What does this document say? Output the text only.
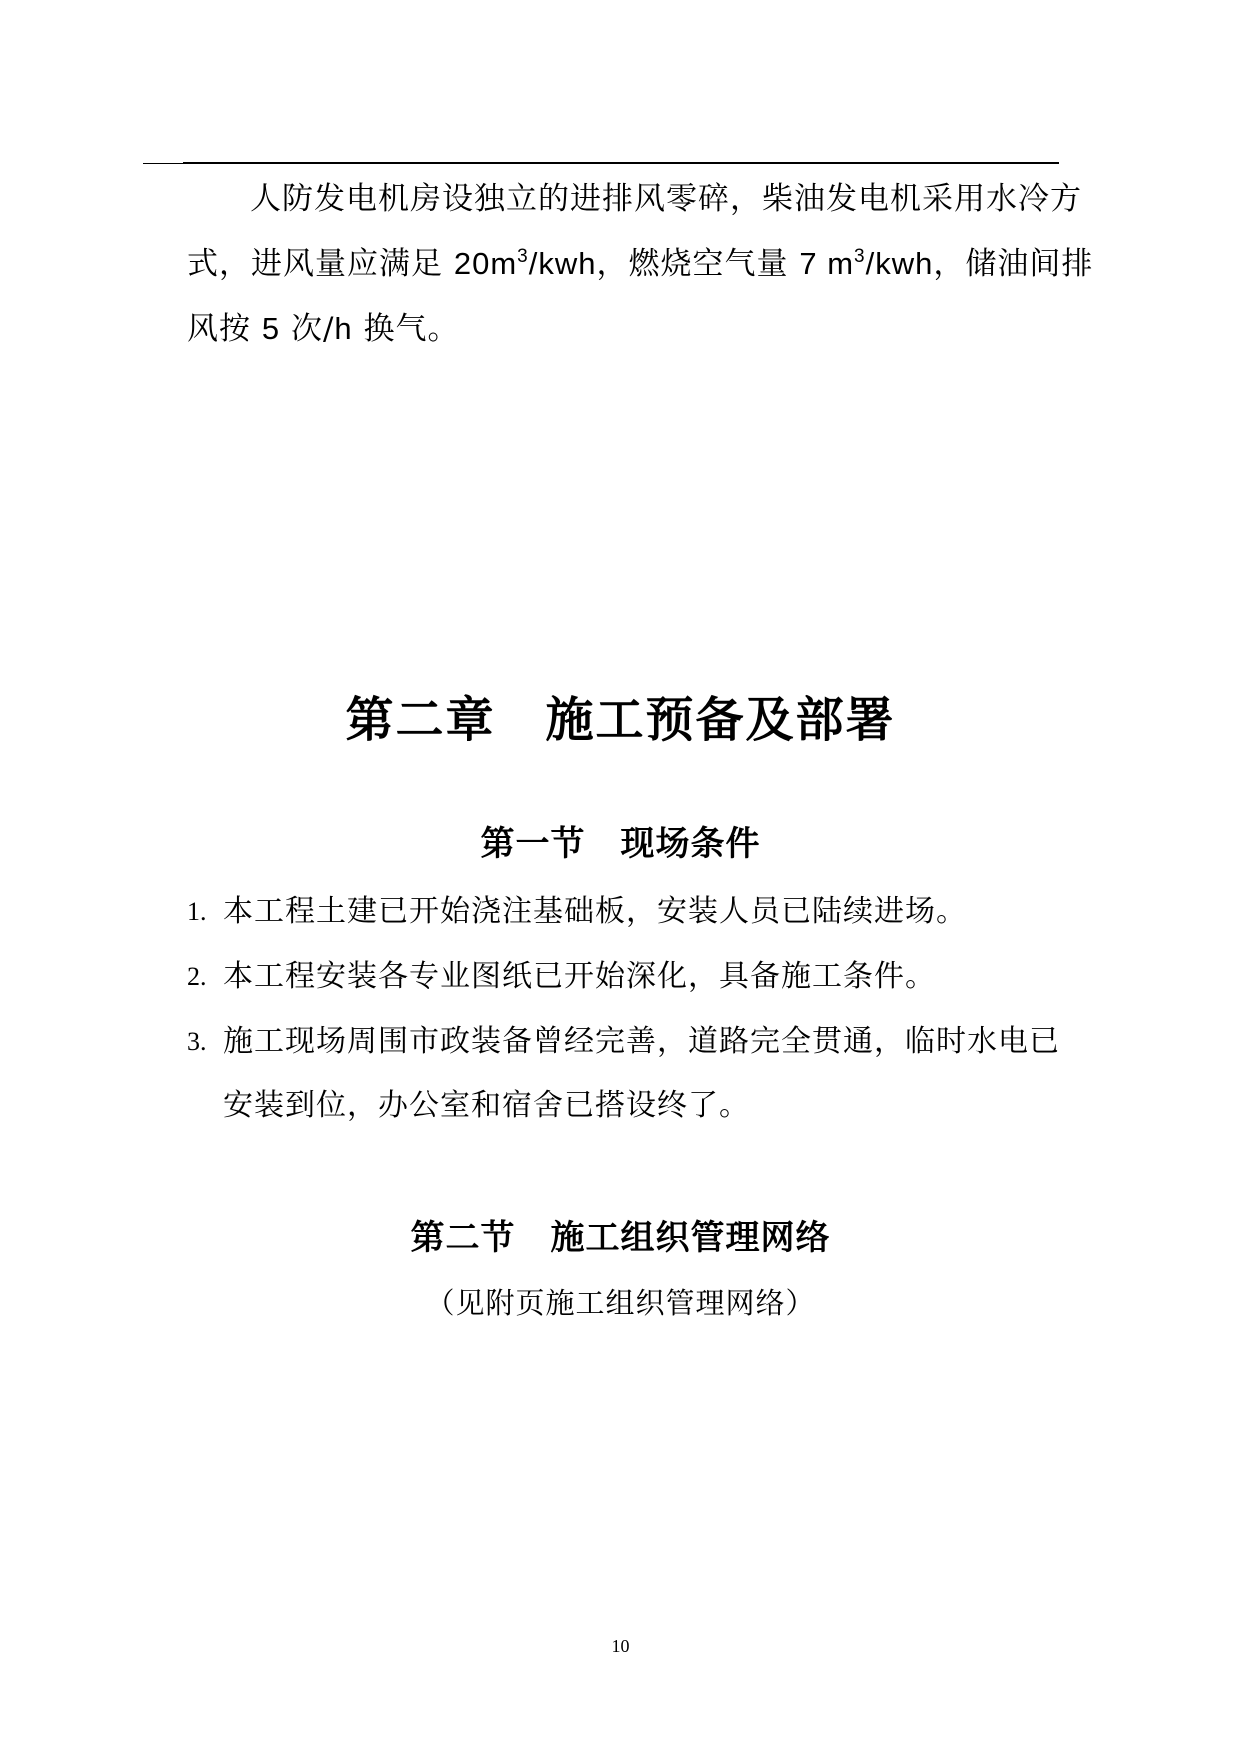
人防发电机房设独立的进排风零碎，柴油发电机采用水冷方
式，进风量应满足 $20m^3$/kwh，燃烧空气量 7 $m^3$/kwh，储油间排
风按 5 次/h 换气。
第二章　施工预备及部署
第一节　现场条件
1. 本工程土建已开始浇注基础板，安装人员已陆续进场。
2. 本工程安装各专业图纸已开始深化，具备施工条件。
3. 施工现场周围市政装备曾经完善，道路完全贯通，临时水电已
安装到位，办公室和宿舍已搭设终了。
第二节　施工组织管理网络
（见附页施工组织管理网络）
10
